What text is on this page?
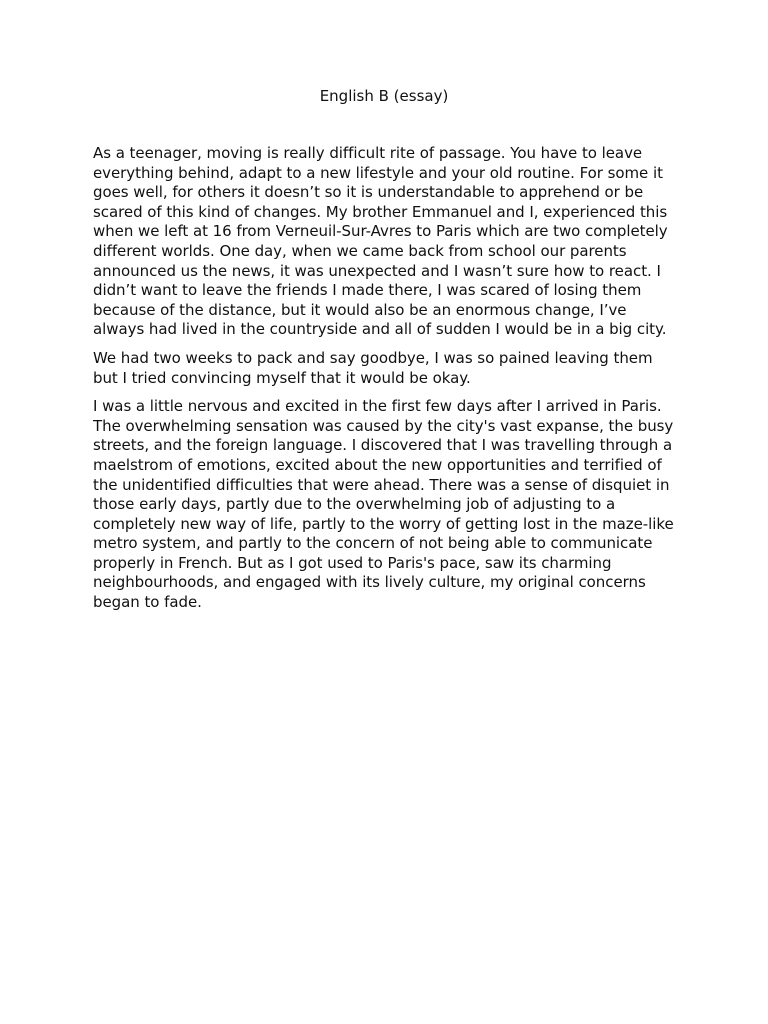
English B (essay)

As a teenager, moving is really difficult rite of passage. You have to leave everything behind, adapt to a new lifestyle and your old routine. For some it goes well, for others it doesn’t so it is understandable to apprehend or be scared of this kind of changes. My brother Emmanuel and I, experienced this when we left at 16 from Verneuil-Sur-Avres to Paris which are two completely different worlds. One day, when we came back from school our parents announced us the news, it was unexpected and I wasn’t sure how to react. I didn’t want to leave the friends I made there, I was scared of losing them because of the distance, but it would also be an enormous change, I’ve always had lived in the countryside and all of sudden I would be in a big city.

We had two weeks to pack and say goodbye, I was so pained leaving them but I tried convincing myself that it would be okay.

I was a little nervous and excited in the first few days after I arrived in Paris. The overwhelming sensation was caused by the city's vast expanse, the busy streets, and the foreign language. I discovered that I was travelling through a maelstrom of emotions, excited about the new opportunities and terrified of the unidentified difficulties that were ahead. There was a sense of disquiet in those early days, partly due to the overwhelming job of adjusting to a completely new way of life, partly to the worry of getting lost in the maze-like metro system, and partly to the concern of not being able to communicate properly in French. But as I got used to Paris's pace, saw its charming neighbourhoods, and engaged with its lively culture, my original concerns began to fade.
